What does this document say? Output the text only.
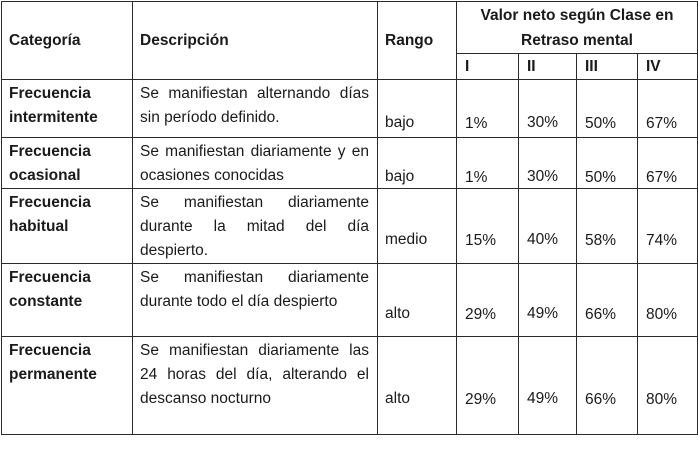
Categoría	Descripción	Rango	Valor neto según Clase en Retraso mental			
			I	II	III	IV
Frecuencia intermitente	Se manifiestan alternando días sin período definido.	bajo	1%	30%	50%	67%
Frecuencia ocasional	Se manifiestan diariamente y en ocasiones conocidas	bajo	1%	30%	50%	67%
Frecuencia habitual	Se manifiestan diariamente durante la mitad del día despierto.	medio	15%	40%	58%	74%
Frecuencia constante	Se manifiestan diariamente durante todo el día despierto	alto	29%	49%	66%	80%
Frecuencia permanente	Se manifiestan diariamente las 24 horas del día, alterando el descanso nocturno	alto	29%	49%	66%	80%
